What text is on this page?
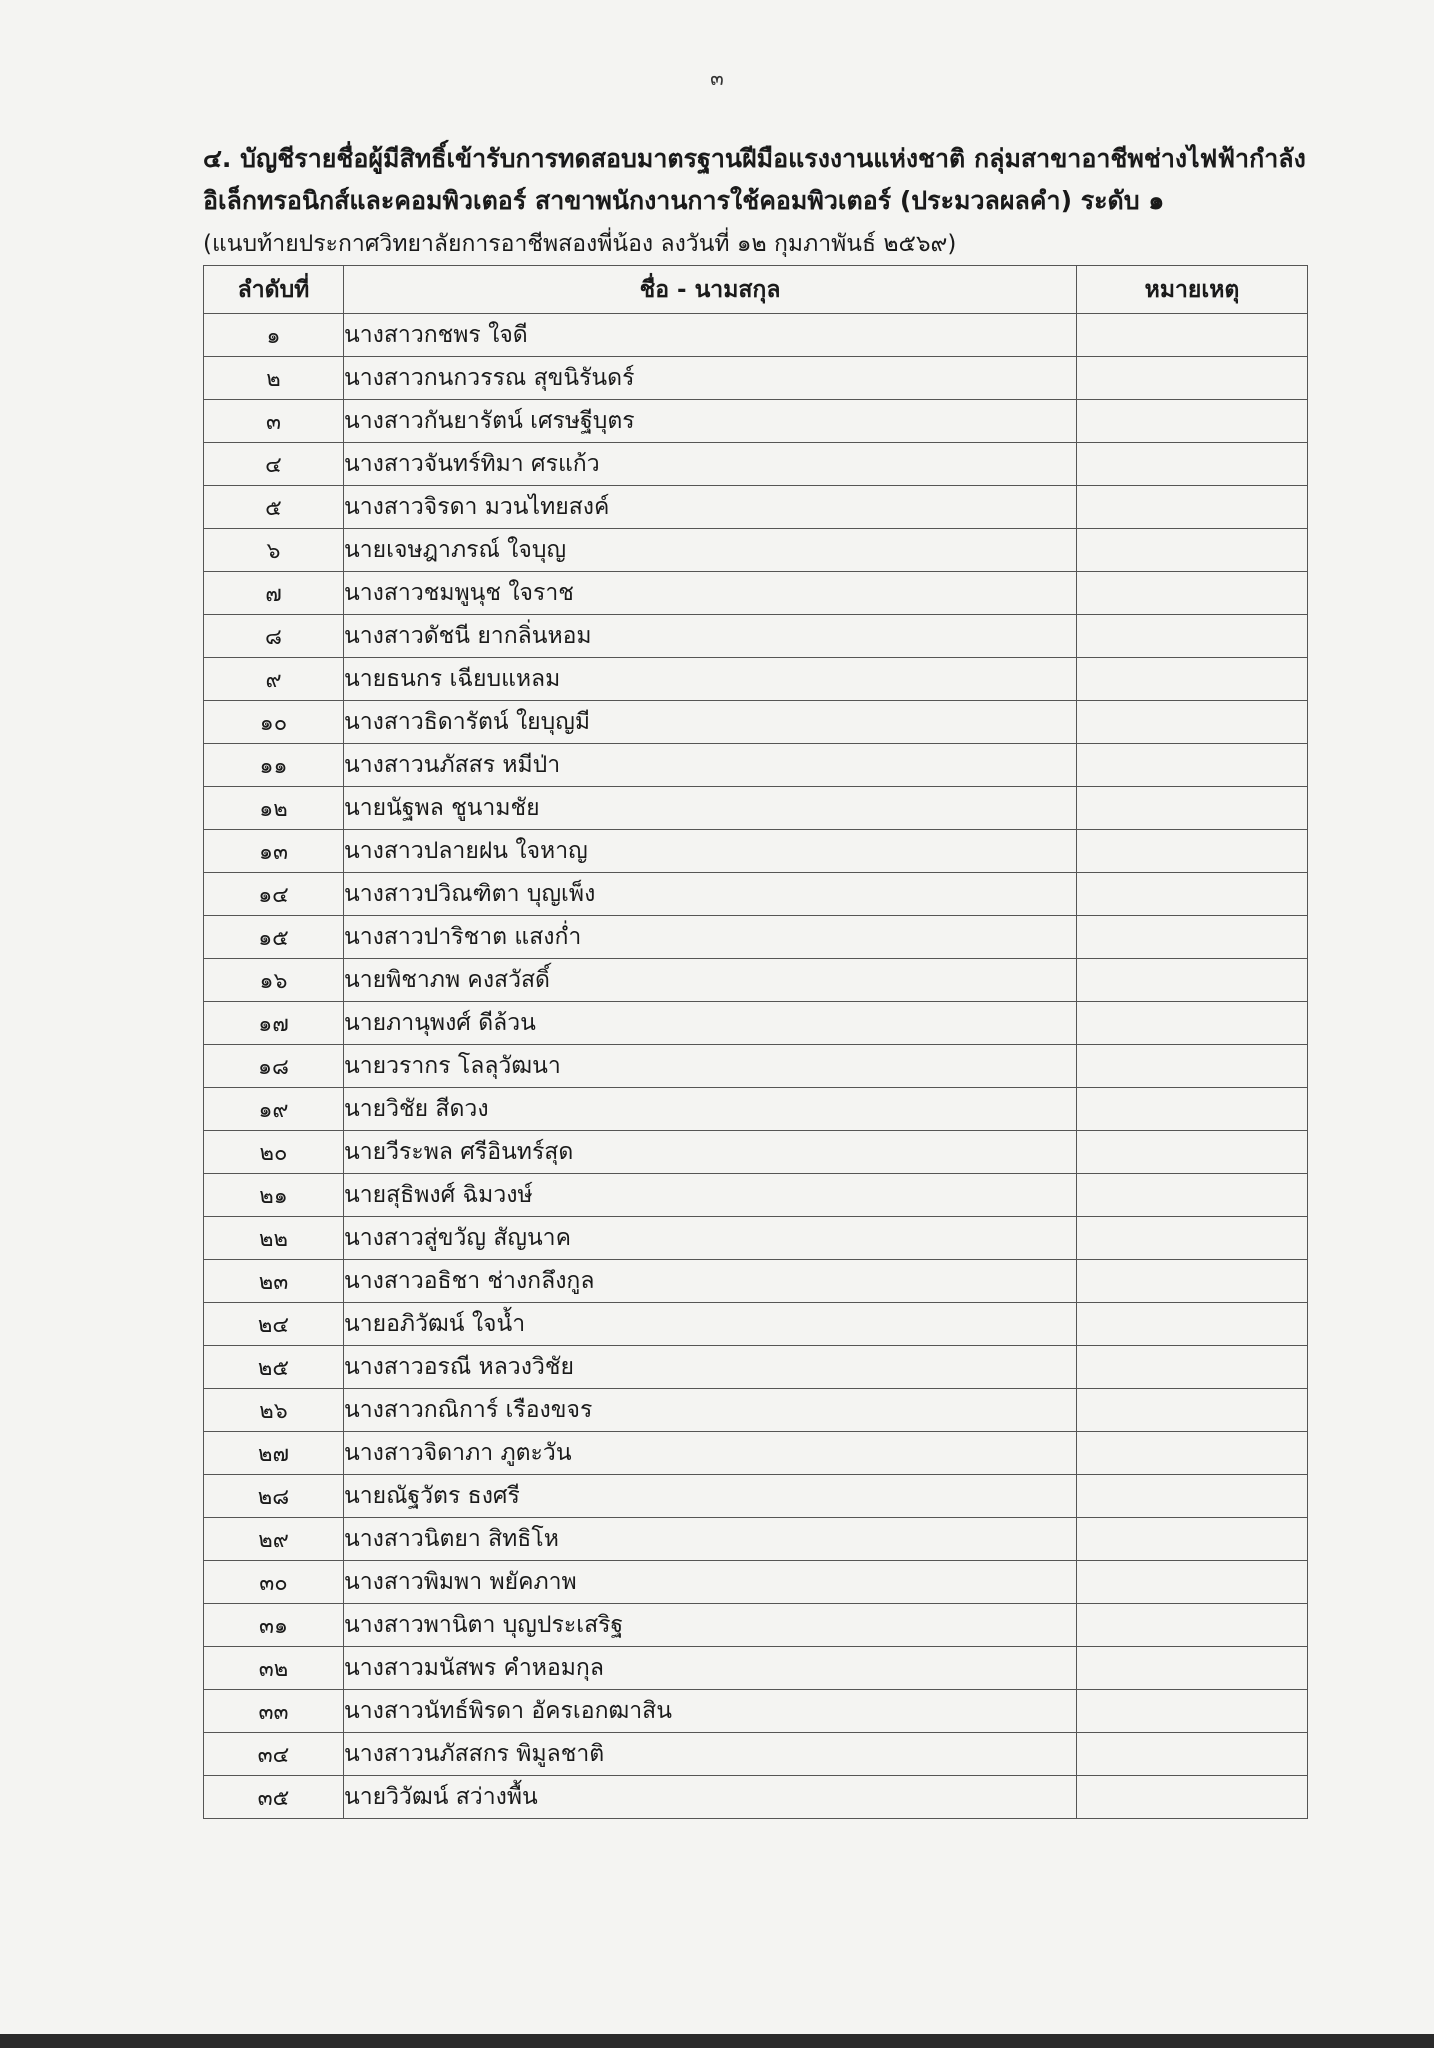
๓
๔. บัญชีรายชื่อผู้มีสิทธิ์เข้ารับการทดสอบมาตรฐานฝีมือแรงงานแห่งชาติ กลุ่มสาขาอาชีพช่างไฟฟ้ากำลัง
อิเล็กทรอนิกส์และคอมพิวเตอร์ สาขาพนักงานการใช้คอมพิวเตอร์ (ประมวลผลคำ) ระดับ ๑
(แนบท้ายประกาศวิทยาลัยการอาชีพสองพี่น้อง ลงวันที่ ๑๒ กุมภาพันธ์ ๒๕๖๙)
ลำดับที่	ชื่อ - นามสกุล	หมายเหตุ
๑	นางสาวกชพร ใจดี	
๒	นางสาวกนกวรรณ สุขนิรันดร์	
๓	นางสาวกันยารัตน์ เศรษฐีบุตร	
๔	นางสาวจันทร์ทิมา ศรแก้ว	
๕	นางสาวจิรดา มวนไทยสงค์	
๖	นายเจษฎาภรณ์ ใจบุญ	
๗	นางสาวชมพูนุช ใจราช	
๘	นางสาวดัชนี ยากลิ่นหอม	
๙	นายธนกร เฉียบแหลม	
๑๐	นางสาวธิดารัตน์ ใยบุญมี	
๑๑	นางสาวนภัสสร หมีป่า	
๑๒	นายนัฐพล ชูนามชัย	
๑๓	นางสาวปลายฝน ใจหาญ	
๑๔	นางสาวปวิณฑิตา บุญเพ็ง	
๑๕	นางสาวปาริชาต แสงก่ำ	
๑๖	นายพิชาภพ คงสวัสดิ์	
๑๗	นายภานุพงศ์ ดีล้วน	
๑๘	นายวรากร โลลุวัฒนา	
๑๙	นายวิชัย สีดวง	
๒๐	นายวีระพล ศรีอินทร์สุด	
๒๑	นายสุธิพงศ์ ฉิมวงษ์	
๒๒	นางสาวสู่ขวัญ สัญนาค	
๒๓	นางสาวอธิชา ช่างกลึงกูล	
๒๔	นายอภิวัฒน์ ใจน้ำ	
๒๕	นางสาวอรณี หลวงวิชัย	
๒๖	นางสาวกณิการ์ เรืองขจร	
๒๗	นางสาวจิดาภา ภูตะวัน	
๒๘	นายณัฐวัตร ธงศรี	
๒๙	นางสาวนิตยา สิทธิโห	
๓๐	นางสาวพิมพา พยัคภาพ	
๓๑	นางสาวพานิตา บุญประเสริฐ	
๓๒	นางสาวมนัสพร คำหอมกุล	
๓๓	นางสาวนัทธ์พิรดา อัครเอกฒาสิน	
๓๔	นางสาวนภัสสกร พิมูลชาติ	
๓๕	นายวิวัฒน์ สว่างพื้น	
